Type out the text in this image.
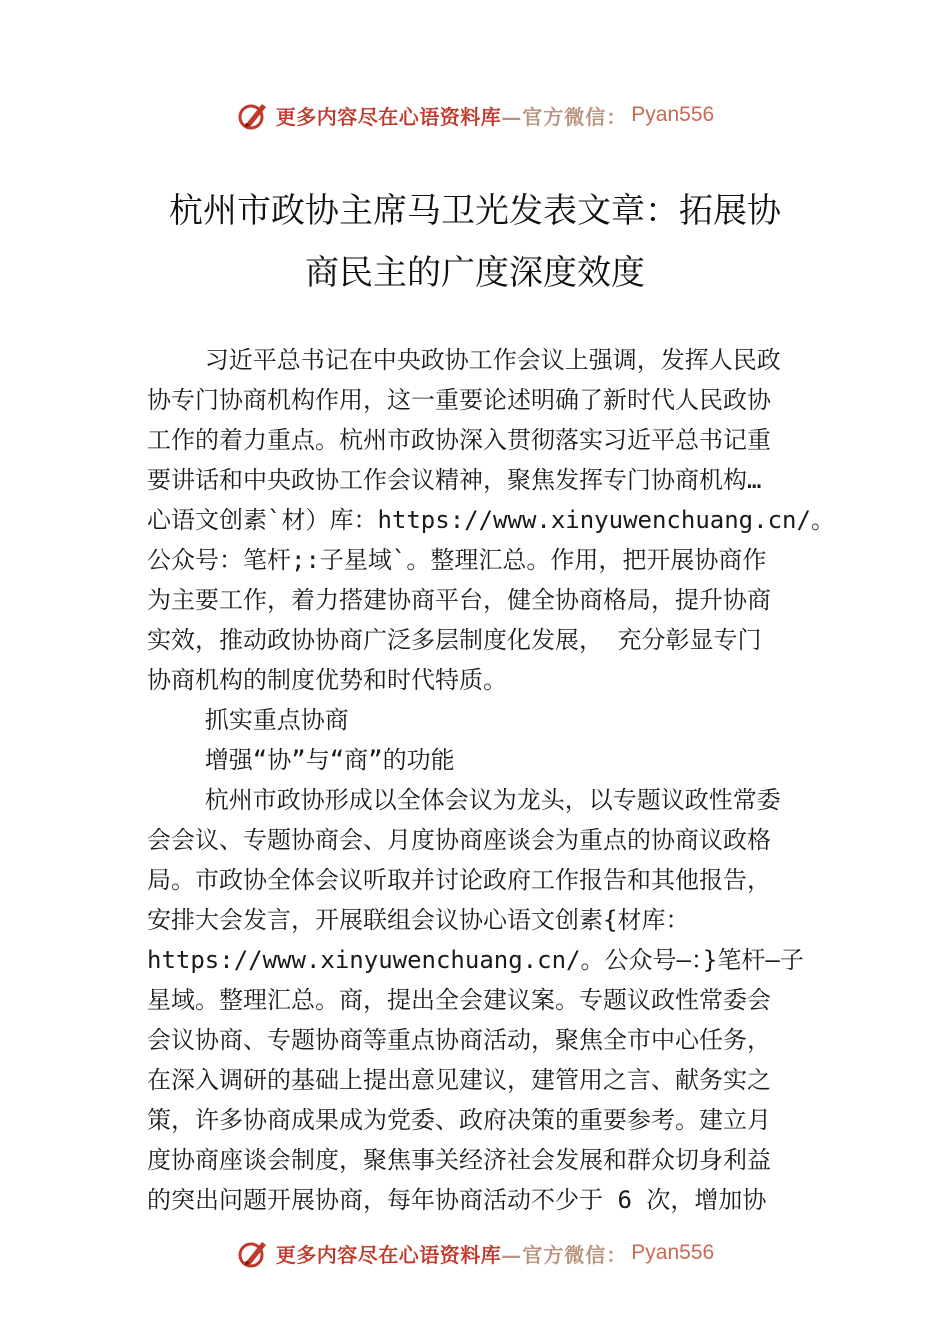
更多内容尽在心语资料库 —官方微信： Pyan556
杭州市政协主席马卫光发表文章：拓展协
商民主的广度深度效度
习近平总书记在中央政协工作会议上强调，发挥人民政
协专门协商机构作用，这一重要论述明确了新时代人民政协
工作的着力重点。杭州市政协深入贯彻落实习近平总书记重
要讲话和中央政协工作会议精神，聚焦发挥专门协商机构…
心语文创素`材）库：https://www.xinyuwenchuang.cn/。
公众号：笔杆;:子星域`。整理汇总。作用，把开展协商作
为主要工作，着力搭建协商平台，健全协商格局，提升协商
实效，推动政协协商广泛多层制度化发展， 充分彰显专门
协商机构的制度优势和时代特质。
抓实重点协商
增强“协”与“商”的功能
杭州市政协形成以全体会议为龙头，以专题议政性常委
会会议、专题协商会、月度协商座谈会为重点的协商议政格
局。市政协全体会议听取并讨论政府工作报告和其他报告，
安排大会发言，开展联组会议协心语文创素{材库：
https://www.xinyuwenchuang.cn/。公众号—：}笔杆—子
星域。整理汇总。商，提出全会建议案。专题议政性常委会
会议协商、专题协商等重点协商活动，聚焦全市中心任务，
在深入调研的基础上提出意见建议，建管用之言、献务实之
策，许多协商成果成为党委、政府决策的重要参考。建立月
度协商座谈会制度，聚焦事关经济社会发展和群众切身利益
的突出问题开展协商，每年协商活动不少于 6 次，增加协
更多内容尽在心语资料库 —官方微信： Pyan556
